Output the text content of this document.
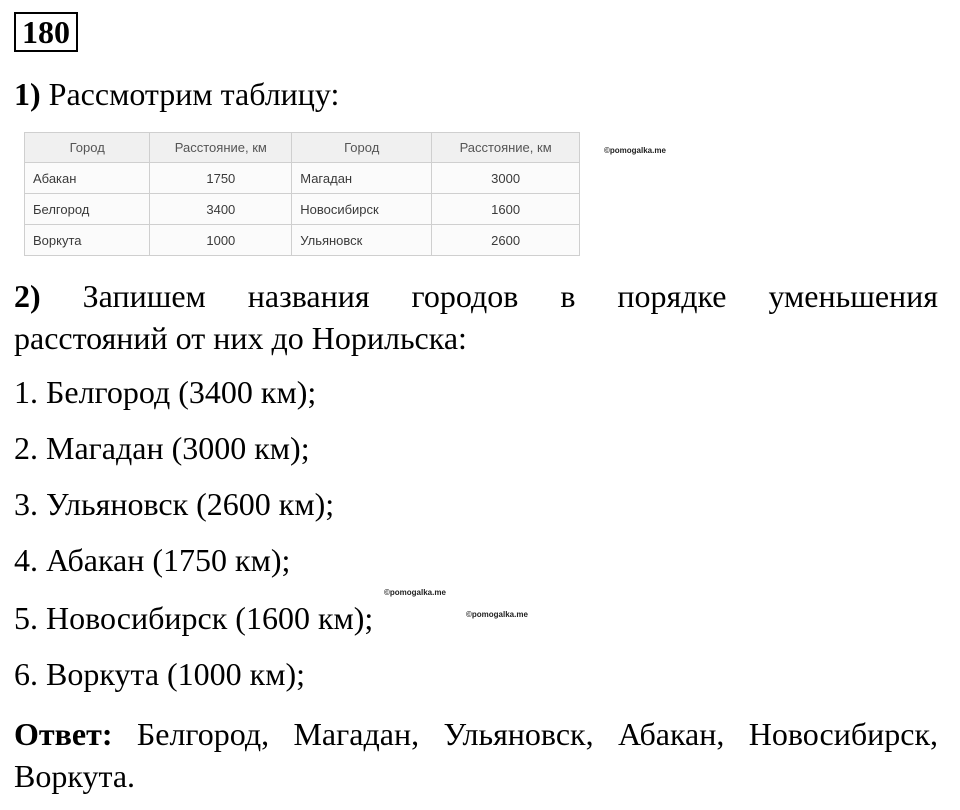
180
1) Рассмотрим таблицу:
Город	Расстояние, км	Город	Расстояние, км
Абакан	1750	Магадан	3000
Белгород	3400	Новосибирск	1600
Воркута	1000	Ульяновск	2600
©pomogalka.me
2) Запишем названия городов в порядке уменьшения
расстояний от них до Норильска:
1. Белгород (3400 км);
2. Магадан (3000 км);
3. Ульяновск (2600 км);
4. Абакан (1750 км);
5. Новосибирск (1600 км);
6. Воркута (1000 км);
©pomogalka.me
©pomogalka.me
Ответ: Белгород, Магадан, Ульяновск, Абакан, Новосибирск,
Воркута.
